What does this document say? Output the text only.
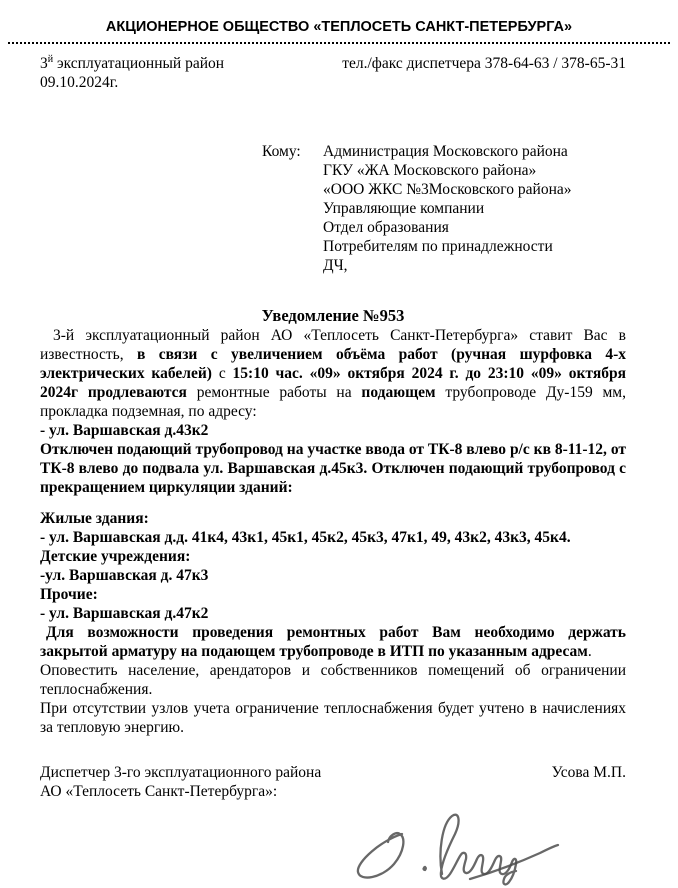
АКЦИОНЕРНОЕ ОБЩЕСТВО «ТЕПЛОСЕТЬ САНКТ-ПЕТЕРБУРГА»
$3^й$ эксплуатационный район	тел./факс диспетчера 378-64-63 / 378-65-31
09.10.2024г.
Кому:	Администрация Московского района
ГКУ «ЖА Московского района»
«ООО ЖКС №3Московского района»
Управляющие компании
Отдел образования
Потребителям по принадлежности
ДЧ,
Уведомление №953

3-й эксплуатационный район АО «Теплосеть Санкт-Петербурга» ставит Вас в известность, в связи с увеличением объёма работ (ручная шурфовка 4-х электрических кабелей) с 15:10 час. «09» октября 2024 г. до 23:10 «09» октября 2024г продлеваются ремонтные работы на подающем трубопроводе Ду-159 мм, прокладка подземная, по адресу:

- ул. Варшавская д.43к2

Отключен подающий трубопровод на участке ввода от ТК-8 влево р/с кв 8-11-12, от ТК-8 влево до подвала ул. Варшавская д.45к3. Отключен подающий трубопровод с прекращением циркуляции зданий:

Жилые здания:
- ул. Варшавская д.д. 41к4, 43к1, 45к1, 45к2, 45к3, 47к1, 49, 43к2, 43к3, 45к4.
Детские учреждения:
-ул. Варшавская д. 47к3
Прочие:
- ул. Варшавская д.47к2

Для возможности проведения ремонтных работ Вам необходимо держать закрытой арматуру на подающем трубопроводе в ИТП по указанным адресам.

Оповестить население, арендаторов и собственников помещений об ограничении теплоснабжения.

При отсутствии узлов учета ограничение теплоснабжения будет учтено в начислениях за тепловую энергию.

Диспетчер 3-го эксплуатационного района
АО «Теплосеть Санкт-Петербурга»:
Усова М.П.
